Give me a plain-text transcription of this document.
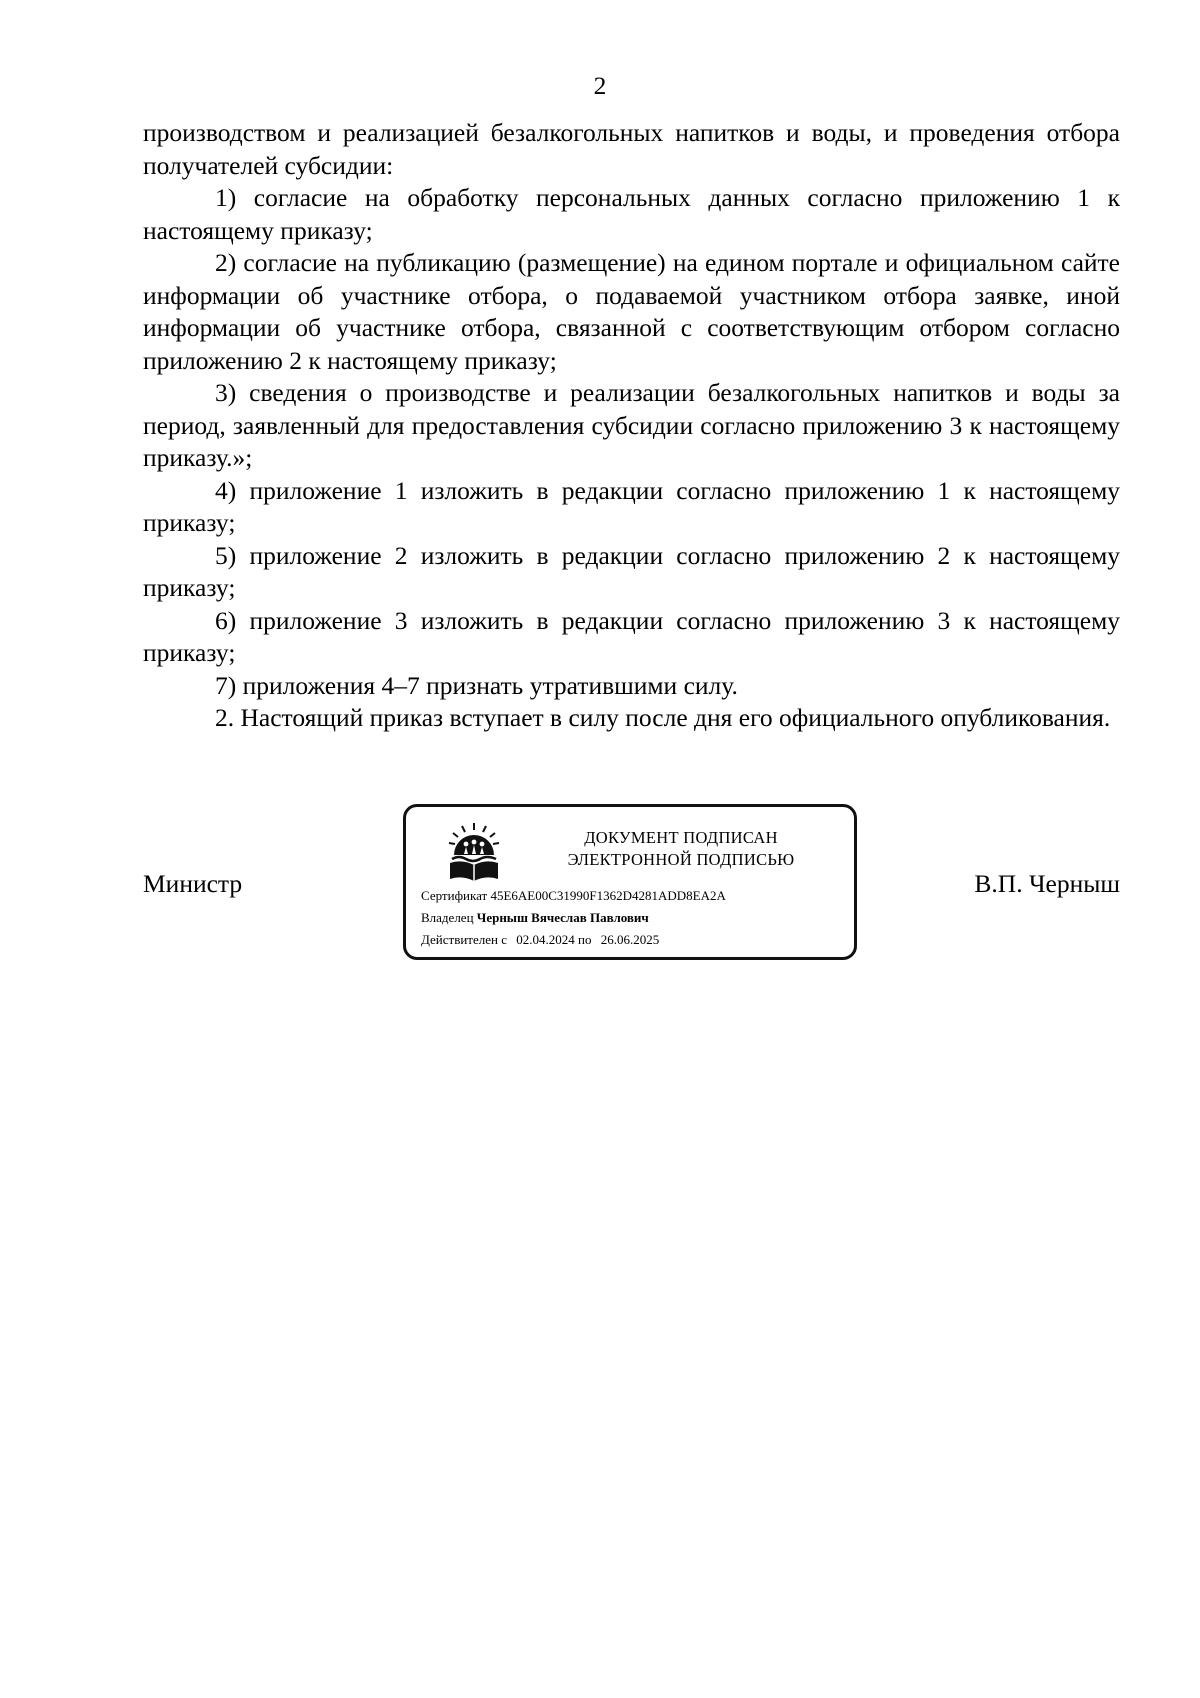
2

производством и реализацией безалкогольных напитков и воды, и проведения отбора получателей субсидии:

1) согласие на обработку персональных данных согласно приложению 1 к настоящему приказу;

2) согласие на публикацию (размещение) на едином портале и официальном сайте информации об участнике отбора, о подаваемой участником отбора заявке, иной информации об участнике отбора, связанной с соответствующим отбором согласно приложению 2 к настоящему приказу;

3) сведения о производстве и реализации безалкогольных напитков и воды за период, заявленный для предоставления субсидии согласно приложению 3 к настоящему приказу.»;

4) приложение 1 изложить в редакции согласно приложению 1 к настоящему приказу;

5) приложение 2 изложить в редакции согласно приложению 2 к настоящему приказу;

6) приложение 3 изложить в редакции согласно приложению 3 к настоящему приказу;

7) приложения 4–7 признать утратившими силу.

2. Настоящий приказ вступает в силу после дня его официального опубликования.

Министр
ДОКУМЕНТ ПОДПИСАН
ЭЛЕКТРОННОЙ ПОДПИСЬЮ
Сертификат 45E6AE00C31990F1362D4281ADD8EA2A
Владелец Черныш Вячеслав Павлович
Действителен с 02.04.2024 по 26.06.2025
В.П. Черныш
